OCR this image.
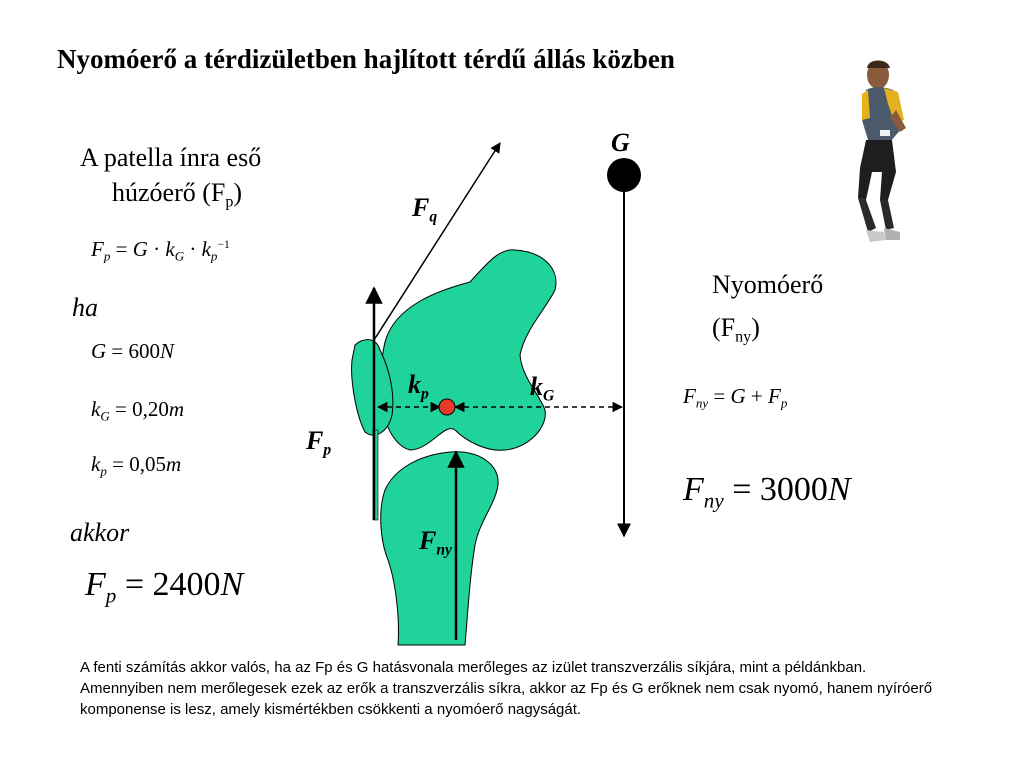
Nyomóerő a térdizületben hajlított térdű állás közben
A patella ínra eső
húzóerő $(F_p)$
$F_p = G \cdot k_G \cdot k_p^{-1}$
ha
G = 600N
$k_G = 0,20m$
$k_p = 0,05m$
akkor
$F_p = 2400N$
Nyomóerő
$(F_{ny})$
$F_{ny} = G + F_p$
$F_{ny} = 3000N$
G
$F_q$
$k_p$	$k_G$
$F_p$
$F_{ny}$
A fenti számítás akkor valós, ha az Fp és G hatásvonala merőleges az izület transzverzális síkjára, mint a példánkban. Amennyiben nem merőlegesek ezek az erők a transzverzális síkra, akkor az Fp és G erőknek nem csak nyomó, hanem nyíróerő komponense is lesz, amely kismértékben csökkenti a nyomóerő nagyságát.
